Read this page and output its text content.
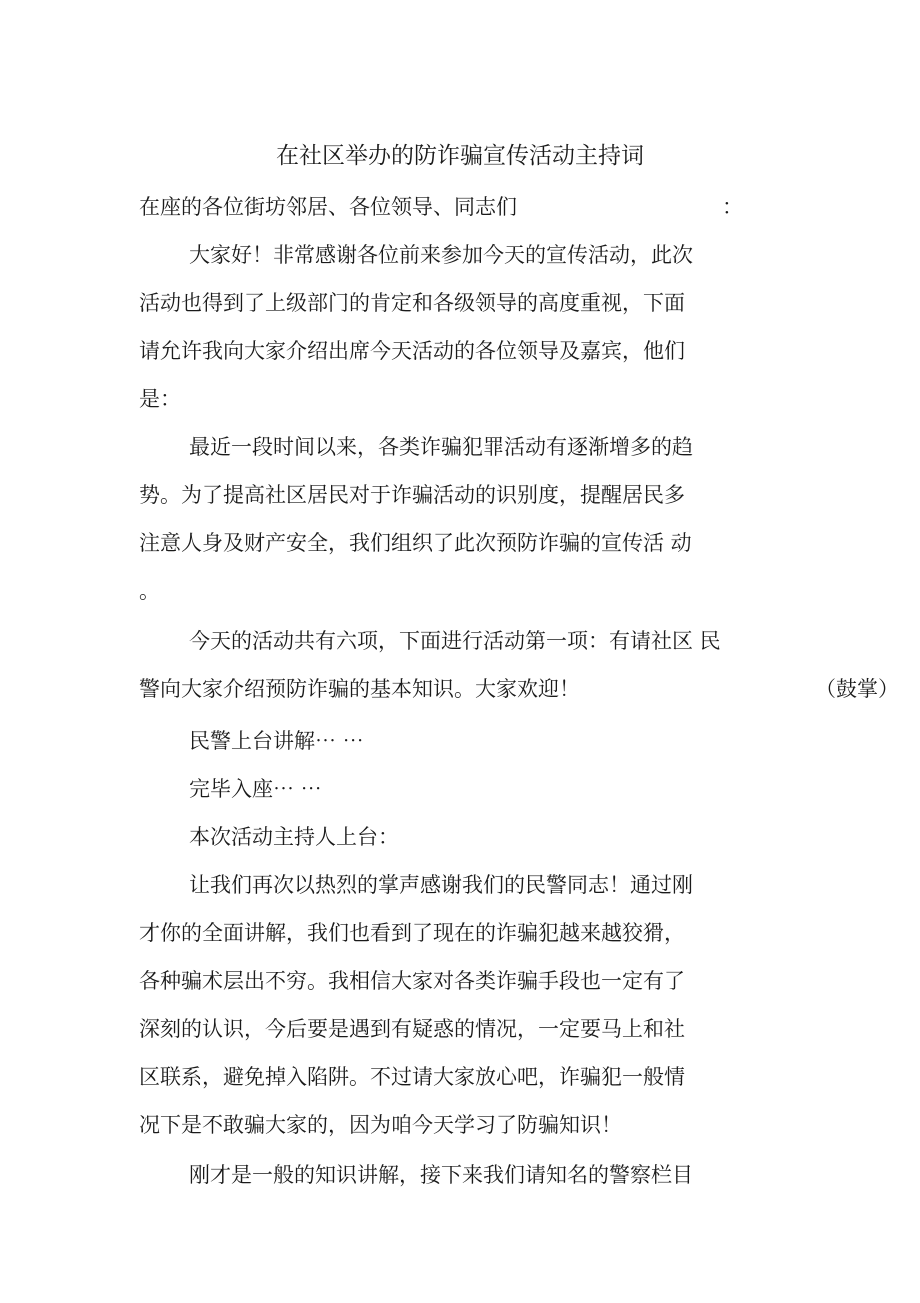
在社区举办的防诈骗宣传活动主持词
在座的各位街坊邻居、各位领导、同志们	：
大家好！非常感谢各位前来参加今天的宣传活动，此次
活动也得到了上级部门的肯定和各级领导的高度重视，下面
请允许我向大家介绍出席今天活动的各位领导及嘉宾，他们
是：
最近一段时间以来，各类诈骗犯罪活动有逐渐增多的趋
势。为了提高社区居民对于诈骗活动的识别度，提醒居民多
注意人身及财产安全，我们组织了此次预防诈骗的宣传活 动
。
今天的活动共有六项，下面进行活动第一项：有请社区 民
警向大家介绍预防诈骗的基本知识。大家欢迎！	（鼓掌）
民警上台讲解⋯ ⋯
完毕入座⋯ ⋯
本次活动主持人上台：
让我们再次以热烈的掌声感谢我们的民警同志！通过刚
才你的全面讲解，我们也看到了现在的诈骗犯越来越狡猾，
各种骗术层出不穷。我相信大家对各类诈骗手段也一定有了
深刻的认识，今后要是遇到有疑惑的情况，一定要马上和社
区联系，避免掉入陷阱。不过请大家放心吧，诈骗犯一般情
况下是不敢骗大家的，因为咱今天学习了防骗知识！
刚才是一般的知识讲解，接下来我们请知名的警察栏目
